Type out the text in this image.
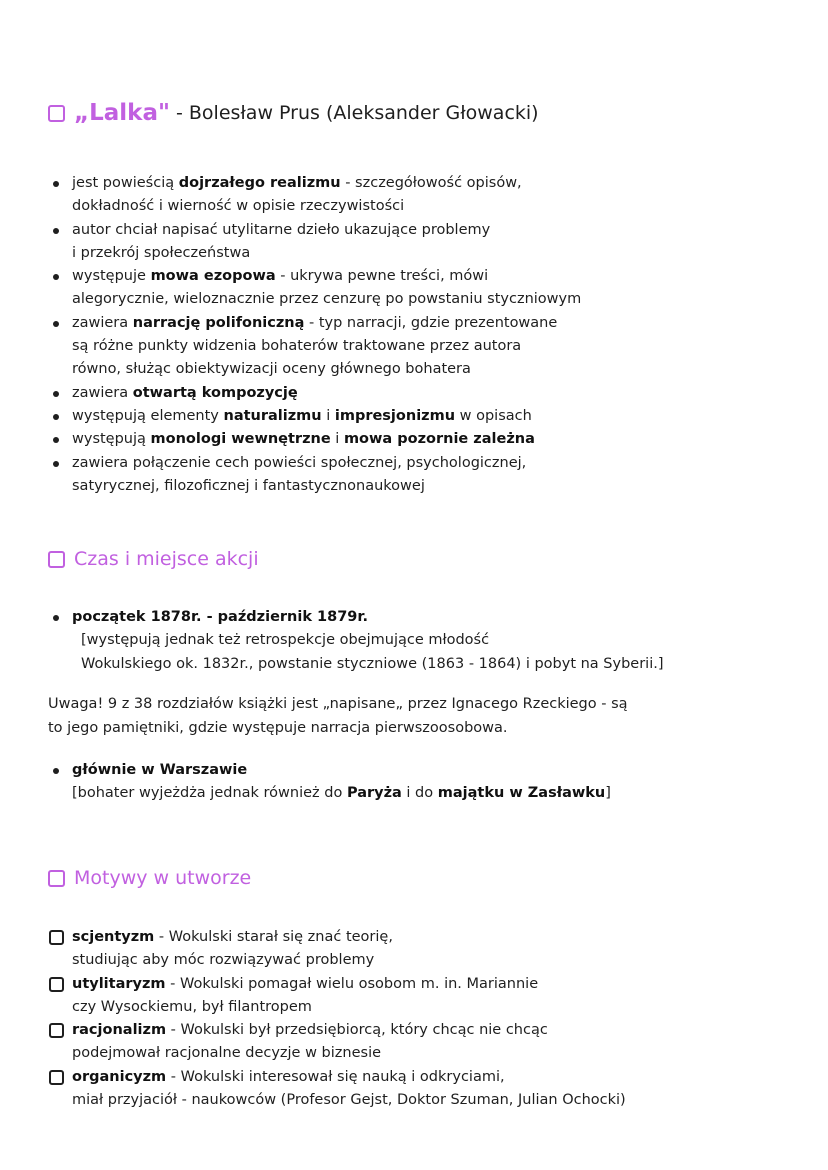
„Lalka" - Bolesław Prus (Aleksander Głowacki)
jest powieścią dojrzałego realizmu - szczegółowość opisów,
dokładność i wierność w opisie rzeczywistości
autor chciał napisać utylitarne dzieło ukazujące problemy
i przekrój społeczeństwa
występuje mowa ezopowa - ukrywa pewne treści, mówi
alegorycznie, wieloznacznie przez cenzurę po powstaniu styczniowym
zawiera narrację polifoniczną - typ narracji, gdzie prezentowane
są różne punkty widzenia bohaterów traktowane przez autora
równo, służąc obiektywizacji oceny głównego bohatera
zawiera otwartą kompozycję
występują elementy naturalizmu i impresjonizmu w opisach
występują monologi wewnętrzne i mowa pozornie zależna
zawiera połączenie cech powieści społecznej, psychologicznej,
satyrycznej, filozoficznej i fantastycznonaukowej
Czas i miejsce akcji
początek 1878r. - październik 1879r.
[występują jednak też retrospekcje obejmujące młodość
Wokulskiego ok. 1832r., powstanie styczniowe (1863 - 1864) i pobyt na Syberii.]
Uwaga! 9 z 38 rozdziałów książki jest „napisane„ przez Ignacego Rzeckiego - są
to jego pamiętniki, gdzie występuje narracja pierwszoosobowa.
głównie w Warszawie
[bohater wyjeżdża jednak również do Paryża i do majątku w Zasławku]
Motywy w utworze
scjentyzm - Wokulski starał się znać teorię,
studiując aby móc rozwiązywać problemy
utylitaryzm - Wokulski pomagał wielu osobom m. in. Mariannie
czy Wysockiemu, był filantropem
racjonalizm - Wokulski był przedsiębiorcą, który chcąc nie chcąc
podejmował racjonalne decyzje w biznesie
organicyzm - Wokulski interesował się nauką i odkryciami,
miał przyjaciół - naukowców (Profesor Gejst, Doktor Szuman, Julian Ochocki)
